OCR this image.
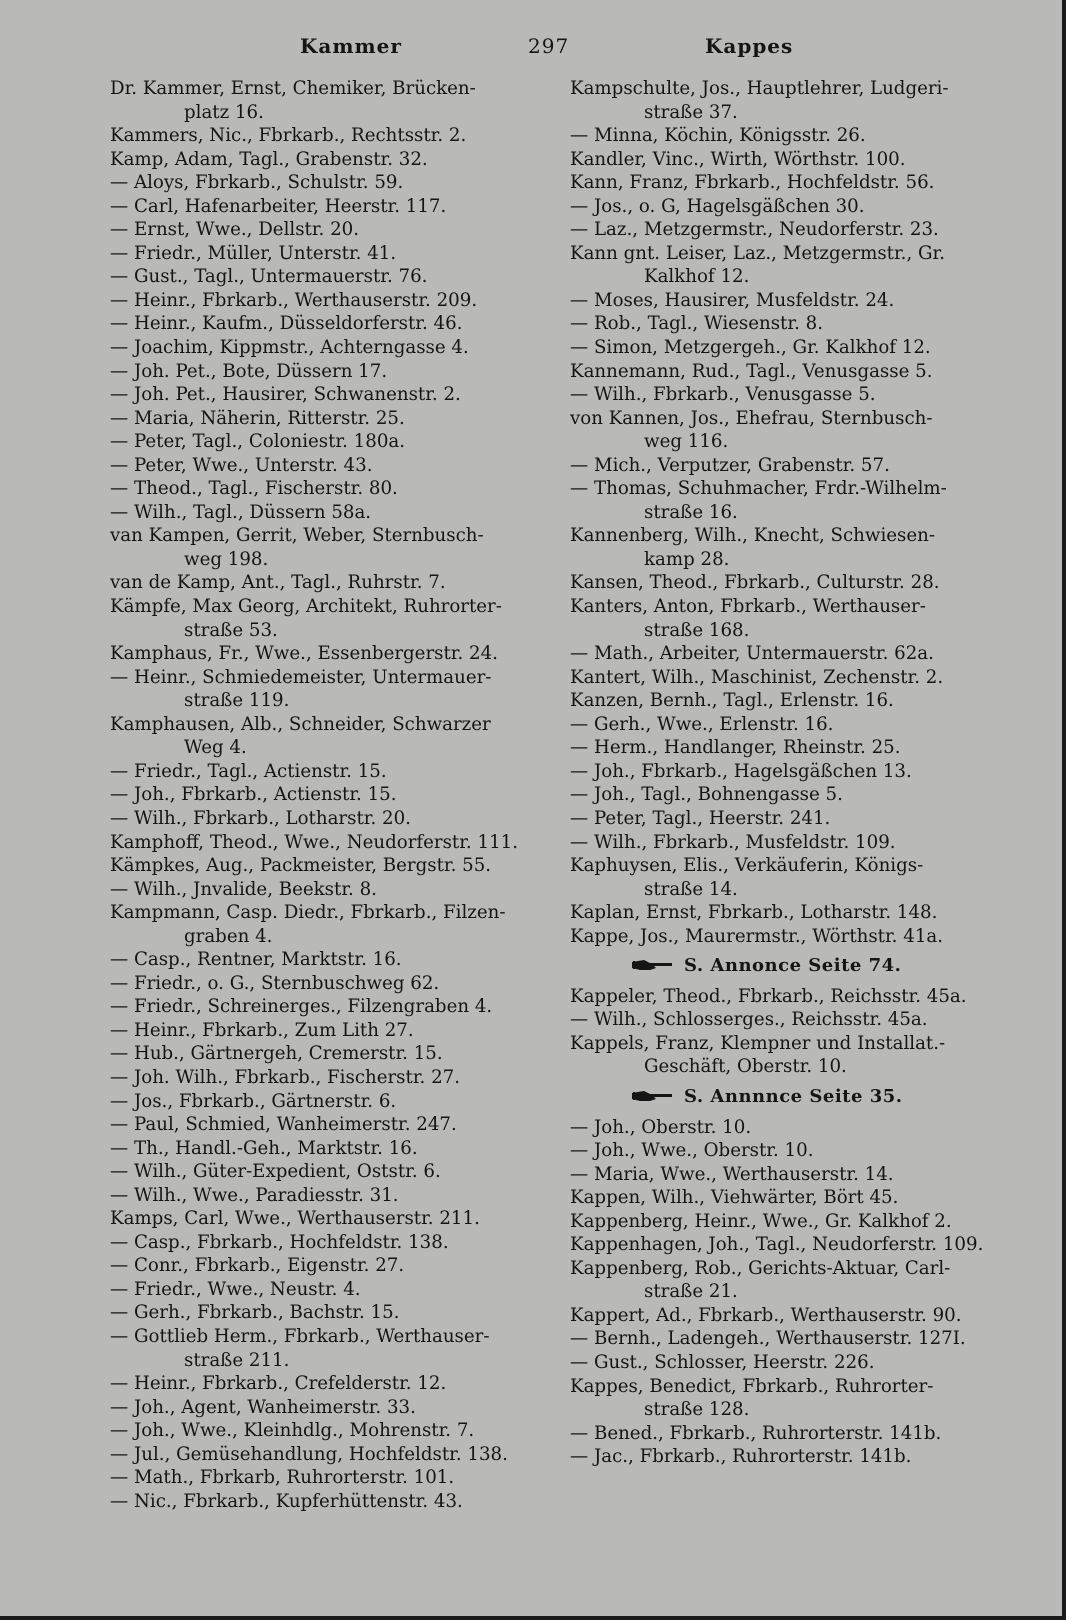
Kammer	297	Kappes

Dr. Kammer, Ernst, Chemiker, Brücken-
platz 16.

Kammers, Nic., Fbrkarb., Rechtsstr. 2.

Kamp, Adam, Tagl., Grabenstr. 32.

— Aloys, Fbrkarb., Schulstr. 59.

— Carl, Hafenarbeiter, Heerstr. 117.

— Ernst, Wwe., Dellstr. 20.

— Friedr., Müller, Unterstr. 41.

— Gust., Tagl., Untermauerstr. 76.

— Heinr., Fbrkarb., Werthauserstr. 209.

— Heinr., Kaufm., Düsseldorferstr. 46.

— Joachim, Kippmstr., Achterngasse 4.

— Joh. Pet., Bote, Düssern 17.

— Joh. Pet., Hausirer, Schwanenstr. 2.

— Maria, Näherin, Ritterstr. 25.

— Peter, Tagl., Coloniestr. 180a.

— Peter, Wwe., Unterstr. 43.

— Theod., Tagl., Fischerstr. 80.

— Wilh., Tagl., Düssern 58a.

van Kampen, Gerrit, Weber, Sternbusch-
weg 198.

van de Kamp, Ant., Tagl., Ruhrstr. 7.

Kämpfe, Max Georg, Architekt, Ruhrorter-
straße 53.

Kamphaus, Fr., Wwe., Essenbergerstr. 24.

— Heinr., Schmiedemeister, Untermauer-
straße 119.

Kamphausen, Alb., Schneider, Schwarzer
Weg 4.

— Friedr., Tagl., Actienstr. 15.

— Joh., Fbrkarb., Actienstr. 15.

— Wilh., Fbrkarb., Lotharstr. 20.

Kamphoff, Theod., Wwe., Neudorferstr. 111.

Kämpkes, Aug., Packmeister, Bergstr. 55.

— Wilh., Jnvalide, Beekstr. 8.

Kampmann, Casp. Diedr., Fbrkarb., Filzen-
graben 4.

— Casp., Rentner, Marktstr. 16.

— Friedr., o. G., Sternbuschweg 62.

— Friedr., Schreinerges., Filzengraben 4.

— Heinr., Fbrkarb., Zum Lith 27.

— Hub., Gärtnergeh, Cremerstr. 15.

— Joh. Wilh., Fbrkarb., Fischerstr. 27.

— Jos., Fbrkarb., Gärtnerstr. 6.

— Paul, Schmied, Wanheimerstr. 247.

— Th., Handl.-Geh., Marktstr. 16.

— Wilh., Güter-Expedient, Oststr. 6.

— Wilh., Wwe., Paradiesstr. 31.

Kamps, Carl, Wwe., Werthauserstr. 211.

— Casp., Fbrkarb., Hochfeldstr. 138.

— Conr., Fbrkarb., Eigenstr. 27.

— Friedr., Wwe., Neustr. 4.

— Gerh., Fbrkarb., Bachstr. 15.

— Gottlieb Herm., Fbrkarb., Werthauser-
straße 211.

— Heinr., Fbrkarb., Crefelderstr. 12.

— Joh., Agent, Wanheimerstr. 33.

— Joh., Wwe., Kleinhdlg., Mohrenstr. 7.

— Jul., Gemüsehandlung, Hochfeldstr. 138.

— Math., Fbrkarb, Ruhrorterstr. 101.

— Nic., Fbrkarb., Kupferhüttenstr. 43.

Kampschulte, Jos., Hauptlehrer, Ludgeri-
straße 37.

— Minna, Köchin, Königsstr. 26.

Kandler, Vinc., Wirth, Wörthstr. 100.

Kann, Franz, Fbrkarb., Hochfeldstr. 56.

— Jos., o. G, Hagelsgäßchen 30.

— Laz., Metzgermstr., Neudorferstr. 23.

Kann gnt. Leiser, Laz., Metzgermstr., Gr.
Kalkhof 12.

— Moses, Hausirer, Musfeldstr. 24.

— Rob., Tagl., Wiesenstr. 8.

— Simon, Metzgergeh., Gr. Kalkhof 12.

Kannemann, Rud., Tagl., Venusgasse 5.

— Wilh., Fbrkarb., Venusgasse 5.

von Kannen, Jos., Ehefrau, Sternbusch-
weg 116.

— Mich., Verputzer, Grabenstr. 57.

— Thomas, Schuhmacher, Frdr.-Wilhelm-
straße 16.

Kannenberg, Wilh., Knecht, Schwiesen-
kamp 28.

Kansen, Theod., Fbrkarb., Culturstr. 28.

Kanters, Anton, Fbrkarb., Werthauser-
straße 168.

— Math., Arbeiter, Untermauerstr. 62a.

Kantert, Wilh., Maschinist, Zechenstr. 2.

Kanzen, Bernh., Tagl., Erlenstr. 16.

— Gerh., Wwe., Erlenstr. 16.

— Herm., Handlanger, Rheinstr. 25.

— Joh., Fbrkarb., Hagelsgäßchen 13.

— Joh., Tagl., Bohnengasse 5.

— Peter, Tagl., Heerstr. 241.

— Wilh., Fbrkarb., Musfeldstr. 109.

Kaphuysen, Elis., Verkäuferin, Königs-
straße 14.

Kaplan, Ernst, Fbrkarb., Lotharstr. 148.

Kappe, Jos., Maurermstr., Wörthstr. 41a.

S. Annonce Seite 74.

Kappeler, Theod., Fbrkarb., Reichsstr. 45a.

— Wilh., Schlosserges., Reichsstr. 45a.

Kappels, Franz, Klempner und Installat.-
Geschäft, Oberstr. 10.

S. Annnnce Seite 35.

— Joh., Oberstr. 10.

— Joh., Wwe., Oberstr. 10.

— Maria, Wwe., Werthauserstr. 14.

Kappen, Wilh., Viehwärter, Bört 45.

Kappenberg, Heinr., Wwe., Gr. Kalkhof 2.

Kappenhagen, Joh., Tagl., Neudorferstr. 109.

Kappenberg, Rob., Gerichts-Aktuar, Carl-
straße 21.

Kappert, Ad., Fbrkarb., Werthauserstr. 90.

— Bernh., Ladengeh., Werthauserstr. 127I.

— Gust., Schlosser, Heerstr. 226.

Kappes, Benedict, Fbrkarb., Ruhrorter-
straße 128.

— Bened., Fbrkarb., Ruhrorterstr. 141b.

— Jac., Fbrkarb., Ruhrorterstr. 141b.
